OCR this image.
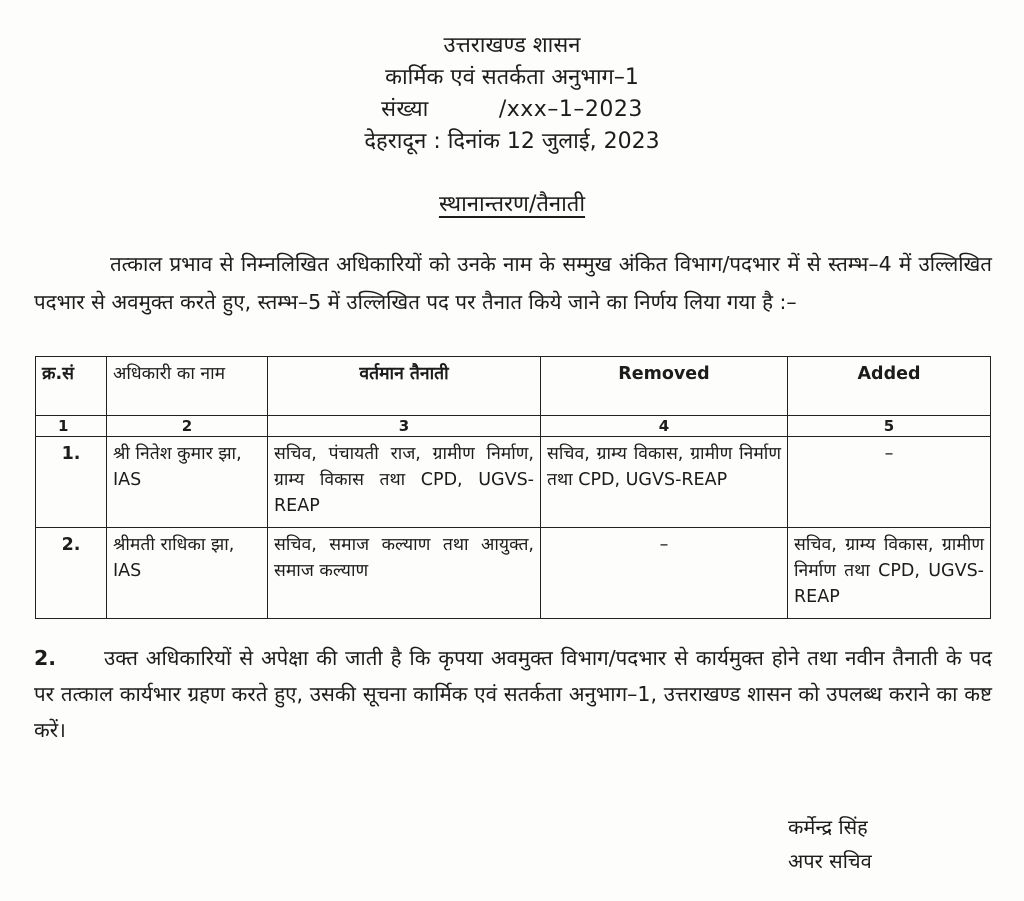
उत्तराखण्ड शासन
कार्मिक एवं सतर्कता अनुभाग–1
संख्या	/xxx–1–2023
देहरादून : दिनांक 12 जुलाई, 2023
स्थानान्तरण/तैनाती
तत्काल प्रभाव से निम्नलिखित अधिकारियों को उनके नाम के सम्मुख अंकित विभाग/पदभार में से स्तम्भ–4 में उल्लिखित पदभार से अवमुक्त करते हुए, स्तम्भ–5 में उल्लिखित पद पर तैनात किये जाने का निर्णय लिया गया है :–
क्र.सं	अधिकारी का नाम	वर्तमान तैनाती	Removed	Added
1	2	3	4	5
1.	श्री नितेश कुमार झा, IAS	सचिव, पंचायती राज, ग्रामीण निर्माण, ग्राम्य विकास तथा CPD, UGVS-REAP	सचिव, ग्राम्य विकास, ग्रामीण निर्माण तथा CPD, UGVS-REAP	–
2.	श्रीमती राधिका झा, IAS	सचिव, समाज कल्याण तथा आयुक्त, समाज कल्याण	–	सचिव, ग्राम्य विकास, ग्रामीण निर्माण तथा CPD, UGVS-REAP
2. उक्त अधिकारियों से अपेक्षा की जाती है कि कृपया अवमुक्त विभाग/पदभार से कार्यमुक्त होने तथा नवीन तैनाती के पद पर तत्काल कार्यभार ग्रहण करते हुए, उसकी सूचना कार्मिक एवं सतर्कता अनुभाग–1, उत्तराखण्ड शासन को उपलब्ध कराने का कष्ट करें।
कर्मेन्द्र सिंह
अपर सचिव
